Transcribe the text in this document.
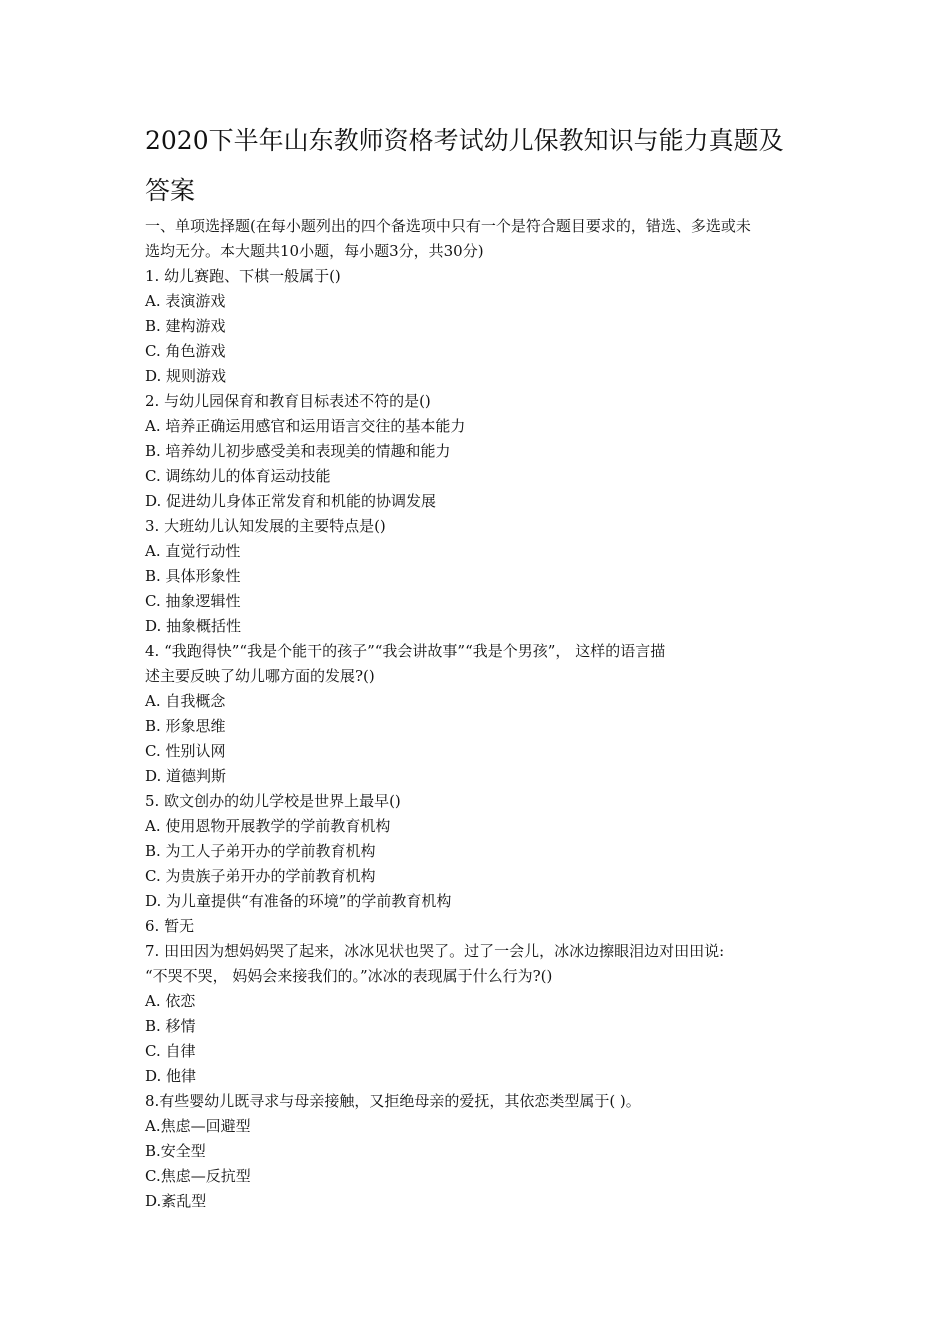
2020下半年山东教师资格考试幼儿保教知识与能力真题及
答案
一、单项选择题(在每小题列出的四个备选项中只有一个是符合题目要求的，错选、多选或未
选均无分。本大题共10小题，每小题3分，共30分)
1. 幼儿赛跑、下棋一般属于()
A. 表演游戏
B. 建构游戏
C. 角色游戏
D. 规则游戏
2. 与幼儿园保育和教育目标表述不符的是()
A. 培养正确运用感官和运用语言交往的基本能力
B. 培养幼儿初步感受美和表现美的情趣和能力
C. 调练幼儿的体育运动技能
D. 促进幼儿身体正常发育和机能的协调发展
3. 大班幼儿认知发展的主要特点是()
A. 直觉行动性
B. 具体形象性
C. 抽象逻辑性
D. 抽象概括性
4. “我跑得快”“我是个能干的孩子”“我会讲故事”“我是个男孩”， 这样的语言描
述主要反映了幼儿哪方面的发展?()
A. 自我概念
B. 形象思维
C. 性别认网
D. 道德判斯
5. 欧文创办的幼儿学校是世界上最早()
A. 使用恩物开展教学的学前教育机构
B. 为工人子弟开办的学前教育机构
C. 为贵族子弟开办的学前教育机构
D. 为儿童提供“有准备的环境”的学前教育机构
6. 暂无
7. 田田因为想妈妈哭了起来，冰冰见状也哭了。过了一会儿，冰冰边擦眼泪边对田田说:
“不哭不哭， 妈妈会来接我们的。”冰冰的表现属于什么行为?()
A. 依恋
B. 移情
C. 自律
D. 他律
8.有些婴幼儿既寻求与母亲接触，又拒绝母亲的爱抚，其依恋类型属于( )。
A.焦虑—回避型
B.安全型
C.焦虑—反抗型
D.紊乱型
